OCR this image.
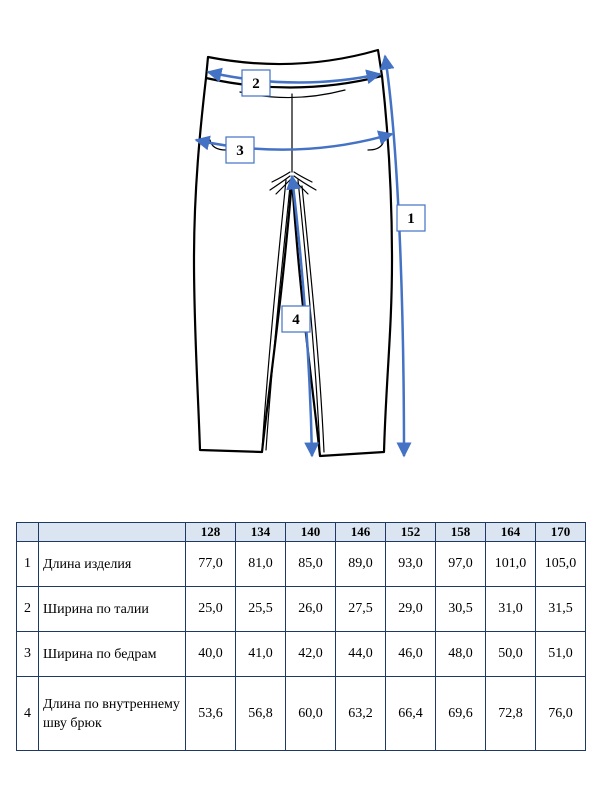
1
2
3
4
		128	134	140	146	152	158	164	170
1	Длина изделия	77,0	81,0	85,0	89,0	93,0	97,0	101,0	105,0
2	Ширина по талии	25,0	25,5	26,0	27,5	29,0	30,5	31,0	31,5
3	Ширина по бедрам	40,0	41,0	42,0	44,0	46,0	48,0	50,0	51,0
4	Длина по внутреннему шву брюк	53,6	56,8	60,0	63,2	66,4	69,6	72,8	76,0
